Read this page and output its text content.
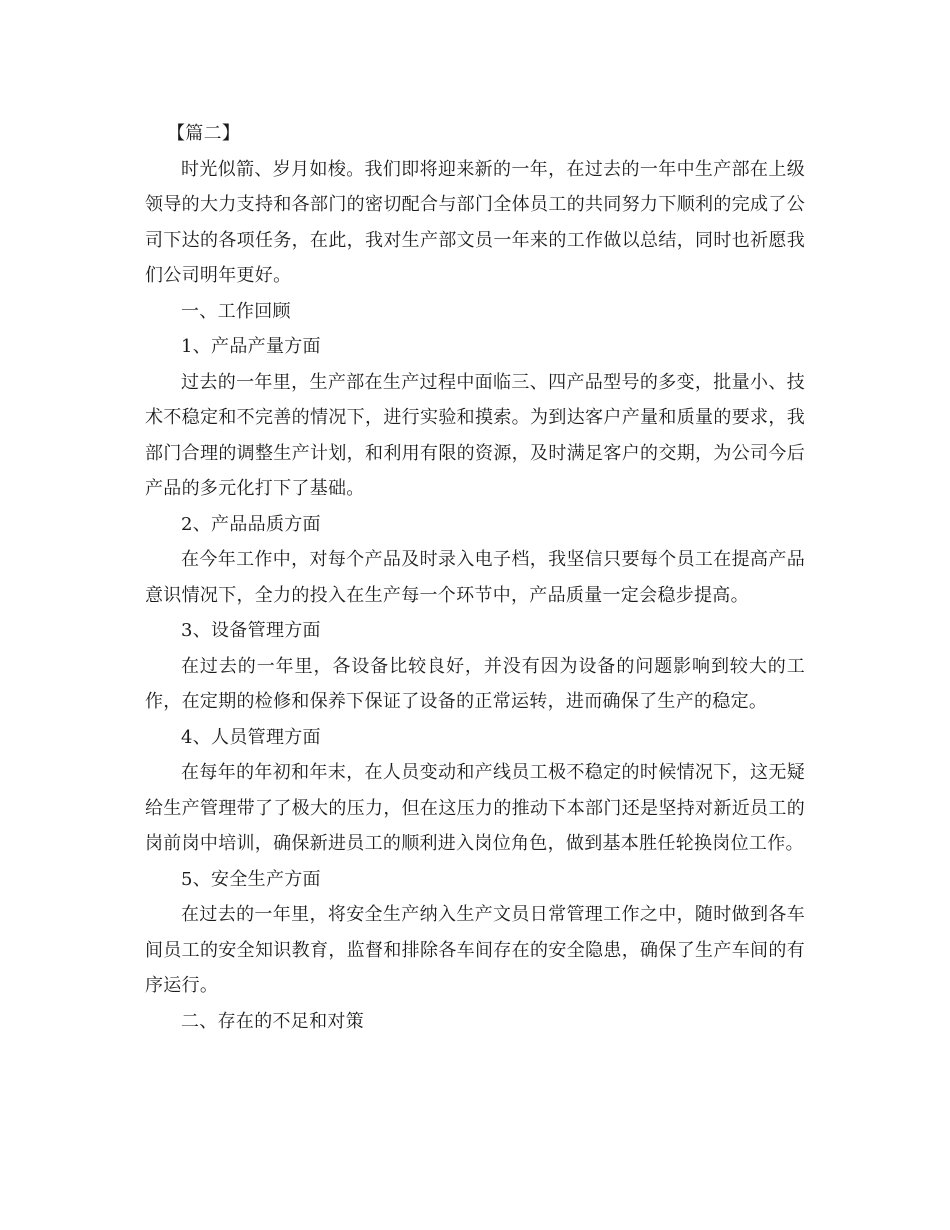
【篇二】

时光似箭、岁月如梭。我们即将迎来新的一年，在过去的一年中生产部在上级领导的大力支持和各部门的密切配合与部门全体员工的共同努力下顺利的完成了公司下达的各项任务，在此，我对生产部文员一年来的工作做以总结，同时也祈愿我们公司明年更好。

一、工作回顾

1、产品产量方面

过去的一年里，生产部在生产过程中面临三、四产品型号的多变，批量小、技术不稳定和不完善的情况下，进行实验和摸索。为到达客户产量和质量的要求，我部门合理的调整生产计划，和利用有限的资源，及时满足客户的交期，为公司今后产品的多元化打下了基础。

2、产品品质方面

在今年工作中，对每个产品及时录入电子档，我坚信只要每个员工在提高产品意识情况下，全力的投入在生产每一个环节中，产品质量一定会稳步提高。

3、设备管理方面

在过去的一年里，各设备比较良好，并没有因为设备的问题影响到较大的工作，在定期的检修和保养下保证了设备的正常运转，进而确保了生产的稳定。

4、人员管理方面

在每年的年初和年末，在人员变动和产线员工极不稳定的时候情况下，这无疑给生产管理带了了极大的压力，但在这压力的推动下本部门还是坚持对新近员工的岗前岗中培训，确保新进员工的顺利进入岗位角色，做到基本胜任轮换岗位工作。

5、安全生产方面

在过去的一年里，将安全生产纳入生产文员日常管理工作之中，随时做到各车间员工的安全知识教育，监督和排除各车间存在的安全隐患，确保了生产车间的有序运行。

二、存在的不足和对策
